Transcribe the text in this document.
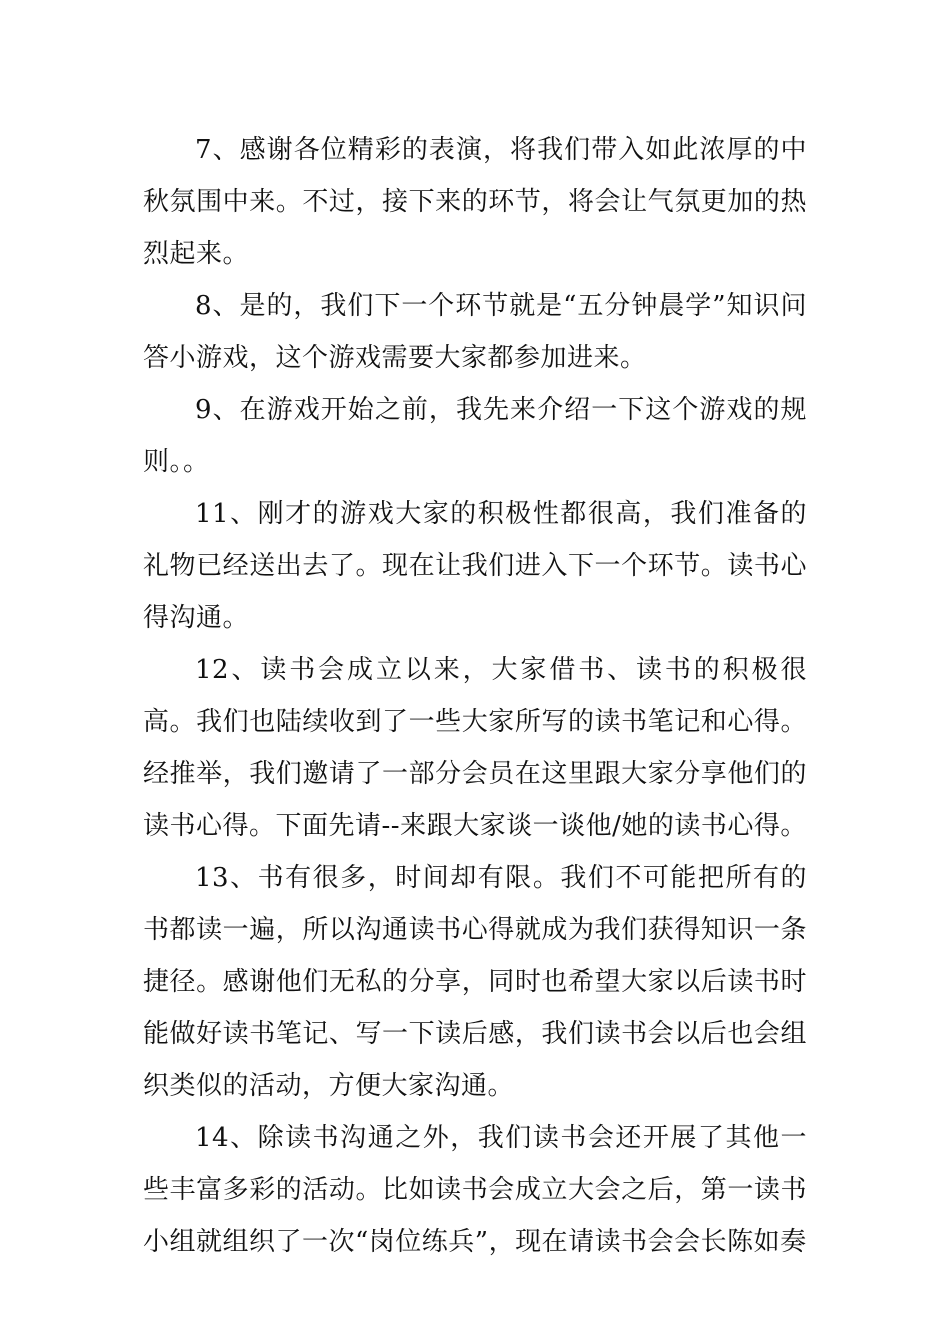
7、感谢各位精彩的表演，将我们带入如此浓厚的中秋氛围中来。不过，接下来的环节，将会让气氛更加的热烈起来。

8、是的，我们下一个环节就是“五分钟晨学”知识问答小游戏，这个游戏需要大家都参加进来。

9、在游戏开始之前，我先来介绍一下这个游戏的规则。。

11、刚才的游戏大家的积极性都很高，我们准备的礼物已经送出去了。现在让我们进入下一个环节。读书心得沟通。

12、读书会成立以来，大家借书、读书的积极很高。我们也陆续收到了一些大家所写的读书笔记和心得。经推举，我们邀请了一部分会员在这里跟大家分享他们的读书心得。下面先请--来跟大家谈一谈他/她的读书心得。

13、书有很多，时间却有限。我们不可能把所有的书都读一遍，所以沟通读书心得就成为我们获得知识一条捷径。感谢他们无私的分享，同时也希望大家以后读书时能做好读书笔记、写一下读后感，我们读书会以后也会组织类似的活动，方便大家沟通。

14、除读书沟通之外，我们读书会还开展了其他一些丰富多彩的活动。比如读书会成立大会之后，第一读书小组就组织了一次“岗位练兵”，现在请读书会会长陈如奏
